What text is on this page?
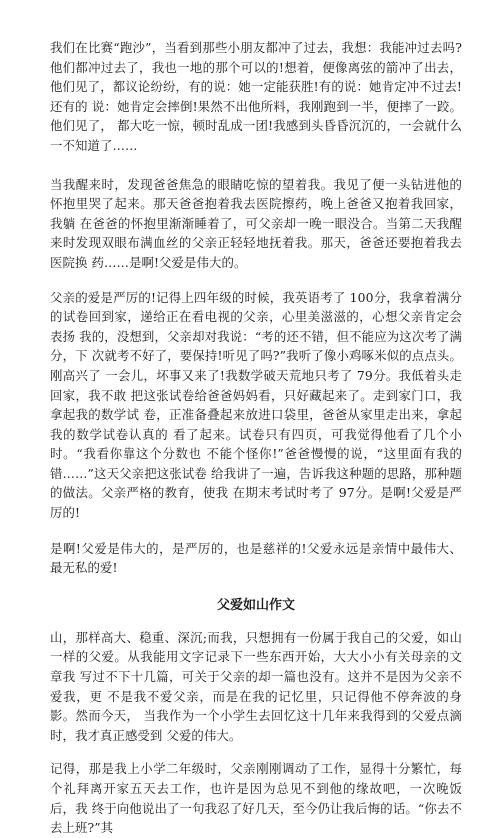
我们在比赛“跑沙”，当看到那些小朋友都冲了过去，我想：我能冲过去吗?他们都冲过去了，我也一地的那个可以的!想着，便像离弦的箭冲了出去，他们见了，都议论纷纷，有的说：她一定能获胜!有的说：她肯定冲不过去!还有的 说：她肯定会摔倒!果然不出他所料，我刚跑到一半，便摔了一跤。他们见了， 都大吃一惊，顿时乱成一团!我感到头昏昏沉沉的，一会就什么一不知道了……

当我醒来时，发现爸爸焦急的眼睛吃惊的望着我。我见了便一头钻进他的 怀抱里哭了起来。那天爸爸抱着我去医院擦药，晚上爸爸又抱着我回家，我躺 在爸爸的怀抱里渐渐睡着了，可父亲却一晚一眼没合。当第二天我醒来时发现双眼布满血丝的父亲正轻轻地抚着我。那天，爸爸还要抱着我去医院换 药……是啊!父爱是伟大的。

父亲的爱是严厉的!记得上四年级的时候，我英语考了 100分，我拿着满分的试卷回到家，递给正在看电视的父亲，心里美滋滋的，心想父亲肯定会表扬 我的，没想到，父亲却对我说：“考的还不错，但不能应为这次考了满分，下 次就考不好了，要保持!听见了吗?”我听了像小鸡啄米似的点点头。刚高兴了 一会儿，坏事又来了!我数学破天荒地只考了 79分。我低着头走回家，我不敢 把这张试卷给爸爸妈妈看，只好藏起来了。走到家门口，我拿起我的数学试 卷，正准备叠起来放进口袋里，爸爸从家里走出来，拿起我的数学试卷认真的 看了起来。试卷只有四页，可我觉得他看了几个小时。“我看你靠这个分数也 不能个怪你!”爸爸慢慢的说，“这里面有我的错……”这天父亲把这张试卷 给我讲了一遍，告诉我这种题的思路，那种题的做法。父亲严格的教育，使我 在期末考试时考了 97分。是啊!父爱是严厉的!

是啊!父爱是伟大的，是严厉的，也是慈祥的!父爱永远是亲情中最伟大、 最无私的爱!

父爱如山作文

山，那样高大、稳重、深沉;而我，只想拥有一份属于我自己的父爱，如山一样的父爱。从我能用文字记录下一些东西开始，大大小小有关母亲的文章我 写过不下十几篇，可关于父亲的却一篇也没有。这并不是因为父亲不爱我，更 不是我不爱父亲，而是在我的记忆里，只记得他不停奔波的身影。然而今天， 当我作为一个小学生去回忆这十几年来我得到的父爱点滴时，我才真正感受到 父爱的伟大。

记得，那是我上小学二年级时，父亲刚刚调动了工作，显得十分繁忙，每 个礼拜离开家五天去工作，也许是因为总见不到他的缘故吧，一次晚饭后，我 终于向他说出了一句我忍了好几天，至今仍让我后悔的话。“你去不去上班?”其
